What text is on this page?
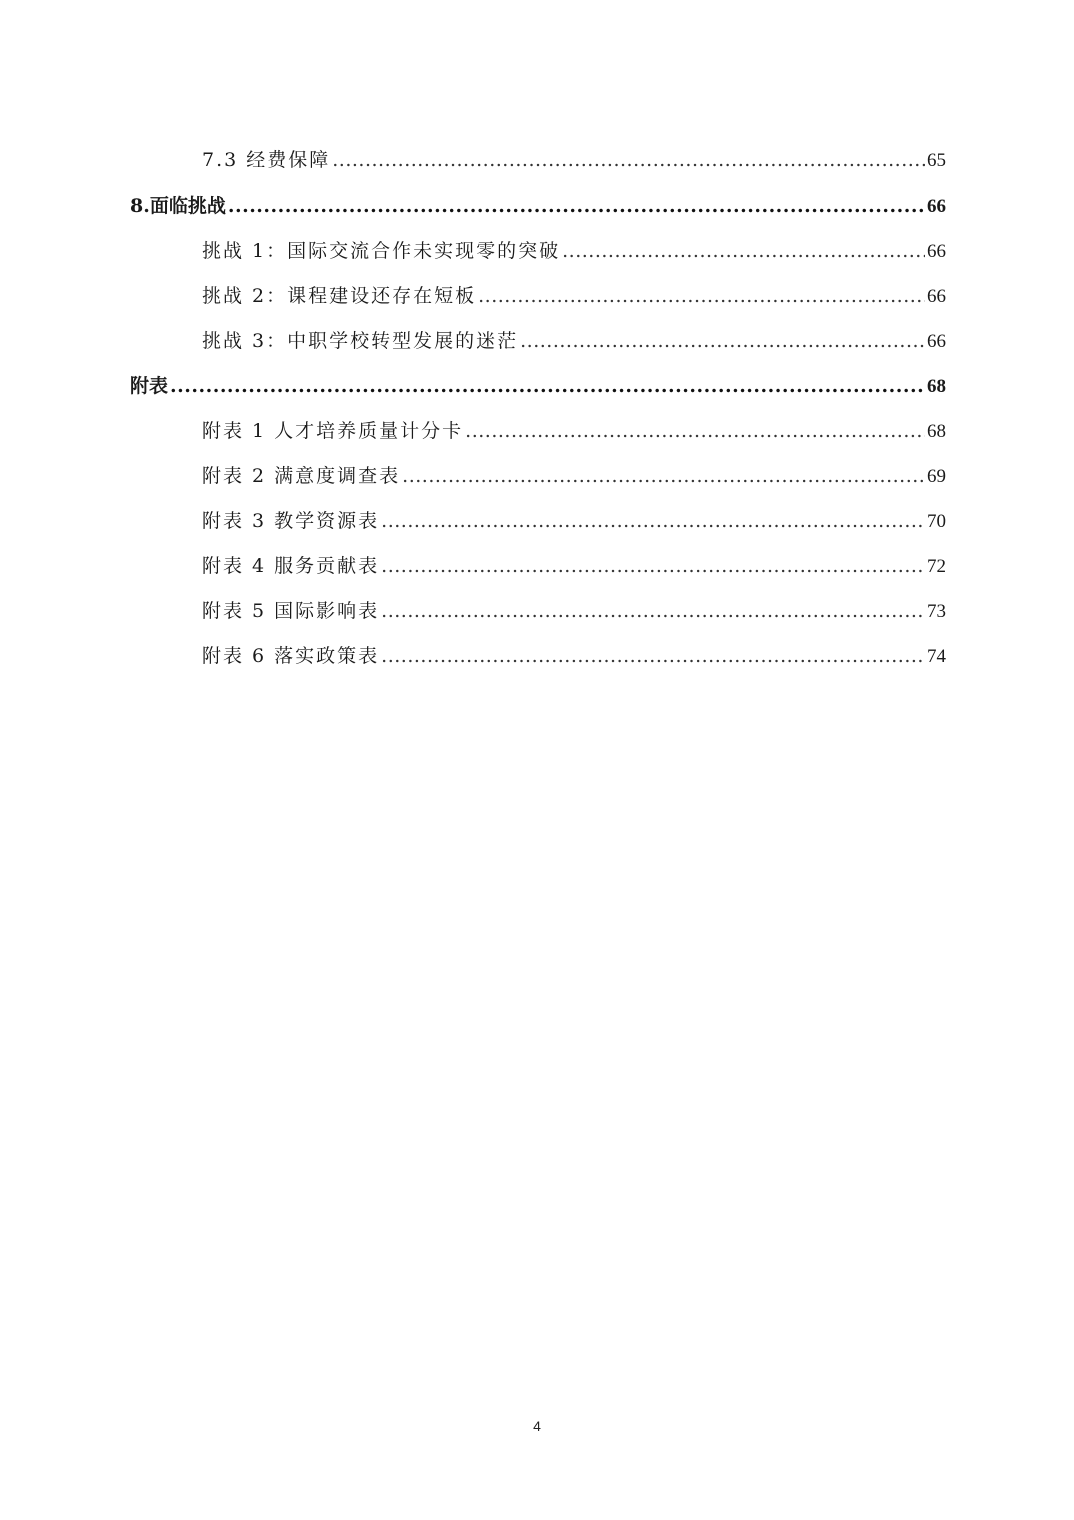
7.3 经费保障 .....	65
8.面临挑战 .....	66
挑战 1：国际交流合作未实现零的突破 .....	66
挑战 2：课程建设还存在短板 .....	66
挑战 3：中职学校转型发展的迷茫 .....	66
附表 .....	68
附表 1 人才培养质量计分卡 .....	68
附表 2 满意度调查表 .....	69
附表 3 教学资源表 .....	70
附表 4 服务贡献表 .....	72
附表 5 国际影响表 .....	73
附表 6 落实政策表 .....	74
4
